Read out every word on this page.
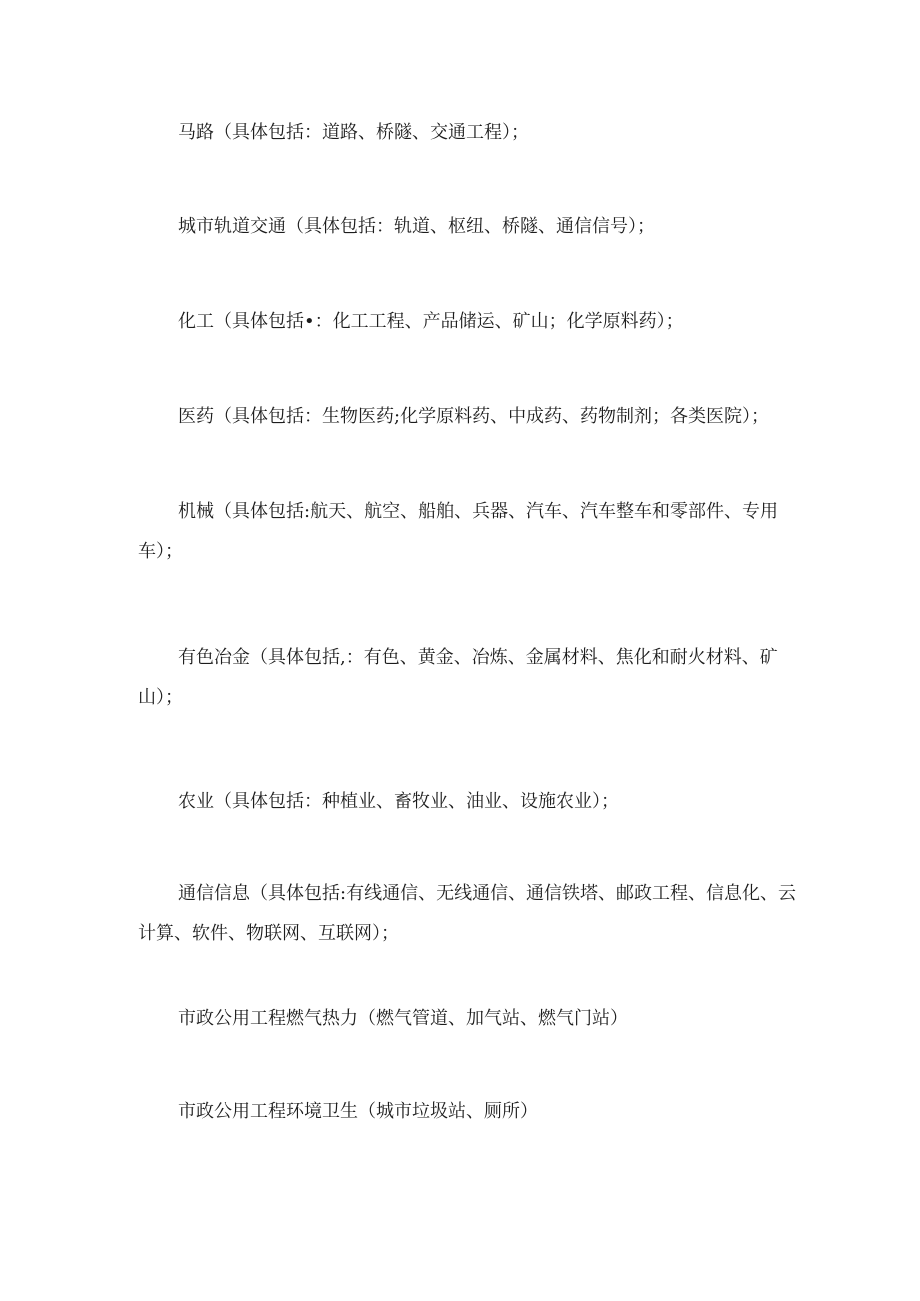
马路（具体包括：道路、桥隧、交通工程）；

城市轨道交通（具体包括：轨道、枢纽、桥隧、通信信号）；

化工（具体包括•：化工工程、产品储运、矿山；化学原料药）；

医药（具体包括：生物医药;化学原料药、中成药、药物制剂；各类医院）；

机械（具体包括:航天、航空、船舶、兵器、汽车、汽车整车和零部件、专用车）；

有色冶金（具体包括,：有色、黄金、冶炼、金属材料、焦化和耐火材料、矿山）；

农业（具体包括：种植业、畜牧业、油业、设施农业）；

通信信息（具体包括:有线通信、无线通信、通信铁塔、邮政工程、信息化、云计算、软件、物联网、互联网）；

市政公用工程燃气热力（燃气管道、加气站、燃气门站）

市政公用工程环境卫生（城市垃圾站、厕所）
